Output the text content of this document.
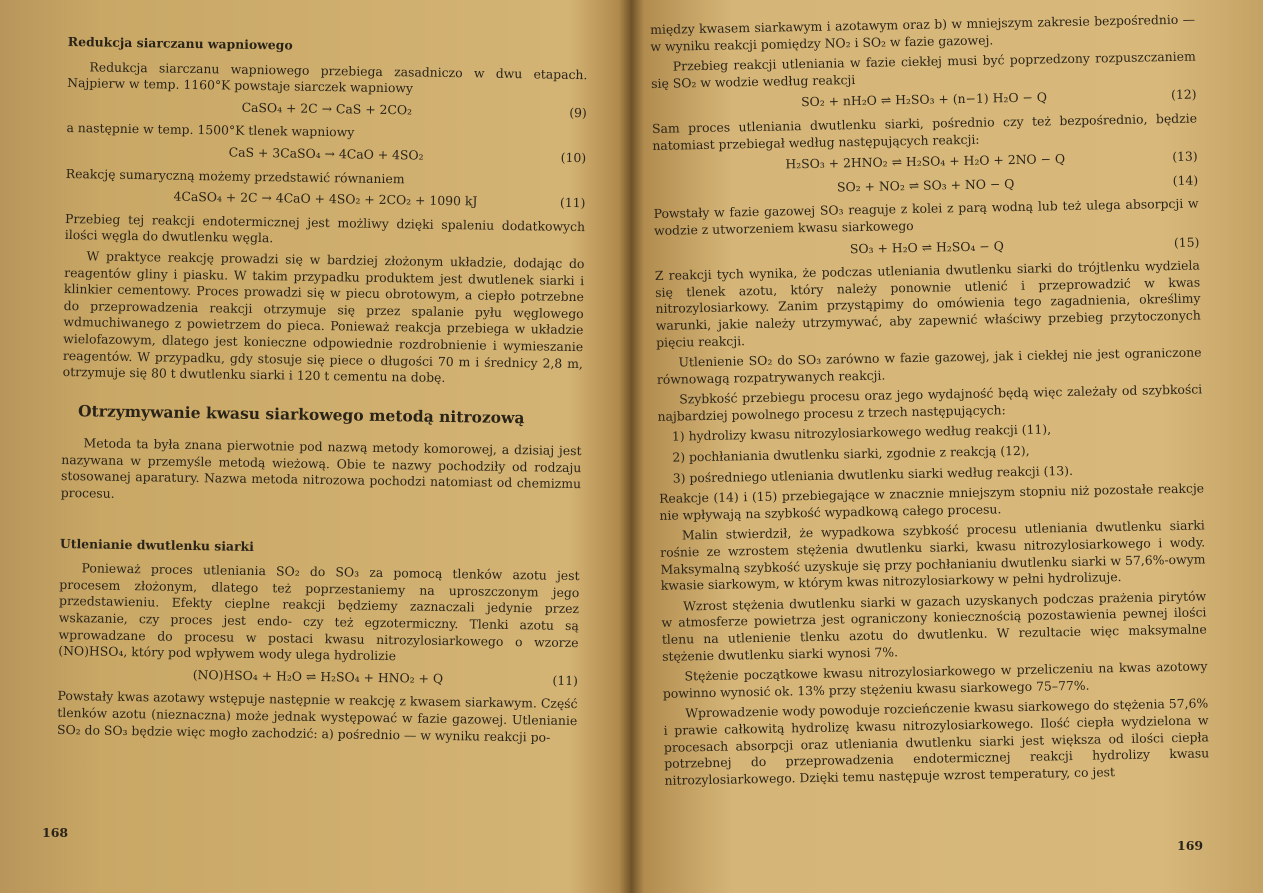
Redukcja siarczanu wapniowego

Redukcja siarczanu wapniowego przebiega zasadniczo w dwu etapach. Najpierw w temp. 1160°K powstaje siarczek wapniowy

CaSO₄ + 2C → CaS + 2CO₂	(9)

a następnie w temp. 1500°K tlenek wapniowy

CaS + 3CaSO₄ → 4CaO + 4SO₂	(10)

Reakcję sumaryczną możemy przedstawić równaniem

4CaSO₄ + 2C → 4CaO + 4SO₂ + 2CO₂ + 1090 kJ	(11)

Przebieg tej reakcji endotermicznej jest możliwy dzięki spaleniu dodatkowych ilości węgla do dwutlenku węgla.

W praktyce reakcję prowadzi się w bardziej złożonym układzie, dodając do reagentów gliny i piasku. W takim przypadku produktem jest dwutlenek siarki i klinkier cementowy. Proces prowadzi się w piecu obrotowym, a ciepło potrzebne do przeprowadzenia reakcji otrzymuje się przez spalanie pyłu węglowego wdmuchiwanego z powietrzem do pieca. Ponieważ reakcja przebiega w układzie wielofazowym, dlatego jest konieczne odpowiednie rozdrobnienie i wymieszanie reagentów. W przypadku, gdy stosuje się piece o długości 70 m i średnicy 2,8 m, otrzymuje się 80 t dwutlenku siarki i 120 t cementu na dobę.

Otrzymywanie kwasu siarkowego metodą nitrozową

Metoda ta była znana pierwotnie pod nazwą metody komorowej, a dzisiaj jest nazywana w przemyśle metodą wieżową. Obie te nazwy pochodziły od rodzaju stosowanej aparatury. Nazwa metoda nitrozowa pochodzi natomiast od chemizmu procesu.

Utlenianie dwutlenku siarki

Ponieważ proces utleniania SO₂ do SO₃ za pomocą tlenków azotu jest procesem złożonym, dlatego też poprzestaniemy na uproszczonym jego przedstawieniu. Efekty cieplne reakcji będziemy zaznaczali jedynie przez wskazanie, czy proces jest endo- czy też egzotermiczny. Tlenki azotu są wprowadzane do procesu w postaci kwasu nitrozylosiarkowego o wzorze (NO)HSO₄, który pod wpływem wody ulega hydrolizie

(NO)HSO₄ + H₂O ⇌ H₂SO₄ + HNO₂ + Q	(11)

Powstały kwas azotawy wstępuje następnie w reakcję z kwasem siarkawym. Część tlenków azotu (nieznaczna) może jednak występować w fazie gazowej. Utlenianie SO₂ do SO₃ będzie więc mogło zachodzić: a) pośrednio — w wyniku reakcji po-

168

między kwasem siarkawym i azotawym oraz b) w mniejszym zakresie bezpośrednio — w wyniku reakcji pomiędzy NO₂ i SO₂ w fazie gazowej.

Przebieg reakcji utleniania w fazie ciekłej musi być poprzedzony rozpuszczaniem się SO₂ w wodzie według reakcji

SO₂ + nH₂O ⇌ H₂SO₃ + (n−1) H₂O − Q	(12)

Sam proces utleniania dwutlenku siarki, pośrednio czy też bezpośrednio, będzie natomiast przebiegał według następujących reakcji:

H₂SO₃ + 2HNO₂ ⇌ H₂SO₄ + H₂O + 2NO − Q	(13)
SO₂ + NO₂ ⇌ SO₃ + NO − Q	(14)

Powstały w fazie gazowej SO₃ reaguje z kolei z parą wodną lub też ulega absorpcji w wodzie z utworzeniem kwasu siarkowego

SO₃ + H₂O ⇌ H₂SO₄ − Q	(15)

Z reakcji tych wynika, że podczas utleniania dwutlenku siarki do trójtlenku wydziela się tlenek azotu, który należy ponownie utlenić i przeprowadzić w kwas nitrozylosiarkowy. Zanim przystąpimy do omówienia tego zagadnienia, określimy warunki, jakie należy utrzymywać, aby zapewnić właściwy przebieg przytoczonych pięciu reakcji.

Utlenienie SO₂ do SO₃ zarówno w fazie gazowej, jak i ciekłej nie jest ograniczone równowagą rozpatrywanych reakcji.

Szybkość przebiegu procesu oraz jego wydajność będą więc zależały od szybkości najbardziej powolnego procesu z trzech następujących:

1) hydrolizy kwasu nitrozylosiarkowego według reakcji (11),
2) pochłaniania dwutlenku siarki, zgodnie z reakcją (12),
3) pośredniego utleniania dwutlenku siarki według reakcji (13).

Reakcje (14) i (15) przebiegające w znacznie mniejszym stopniu niż pozostałe reakcje nie wpływają na szybkość wypadkową całego procesu.

Malin stwierdził, że wypadkowa szybkość procesu utleniania dwutlenku siarki rośnie ze wzrostem stężenia dwutlenku siarki, kwasu nitrozylosiarkowego i wody. Maksymalną szybkość uzyskuje się przy pochłanianiu dwutlenku siarki w 57,6%-owym kwasie siarkowym, w którym kwas nitrozylosiarkowy w pełni hydrolizuje.

Wzrost stężenia dwutlenku siarki w gazach uzyskanych podczas prażenia pirytów w atmosferze powietrza jest ograniczony koniecznością pozostawienia pewnej ilości tlenu na utlenienie tlenku azotu do dwutlenku. W rezultacie więc maksymalne stężenie dwutlenku siarki wynosi 7%.

Stężenie początkowe kwasu nitrozylosiarkowego w przeliczeniu na kwas azotowy powinno wynosić ok. 13% przy stężeniu kwasu siarkowego 75–77%.

Wprowadzenie wody powoduje rozcieńczenie kwasu siarkowego do stężenia 57,6% i prawie całkowitą hydrolizę kwasu nitrozylosiarkowego. Ilość ciepła wydzielona w procesach absorpcji oraz utleniania dwutlenku siarki jest większa od ilości ciepła potrzebnej do przeprowadzenia endotermicznej reakcji hydrolizy kwasu nitrozylosiarkowego. Dzięki temu następuje wzrost temperatury, co jest

169
